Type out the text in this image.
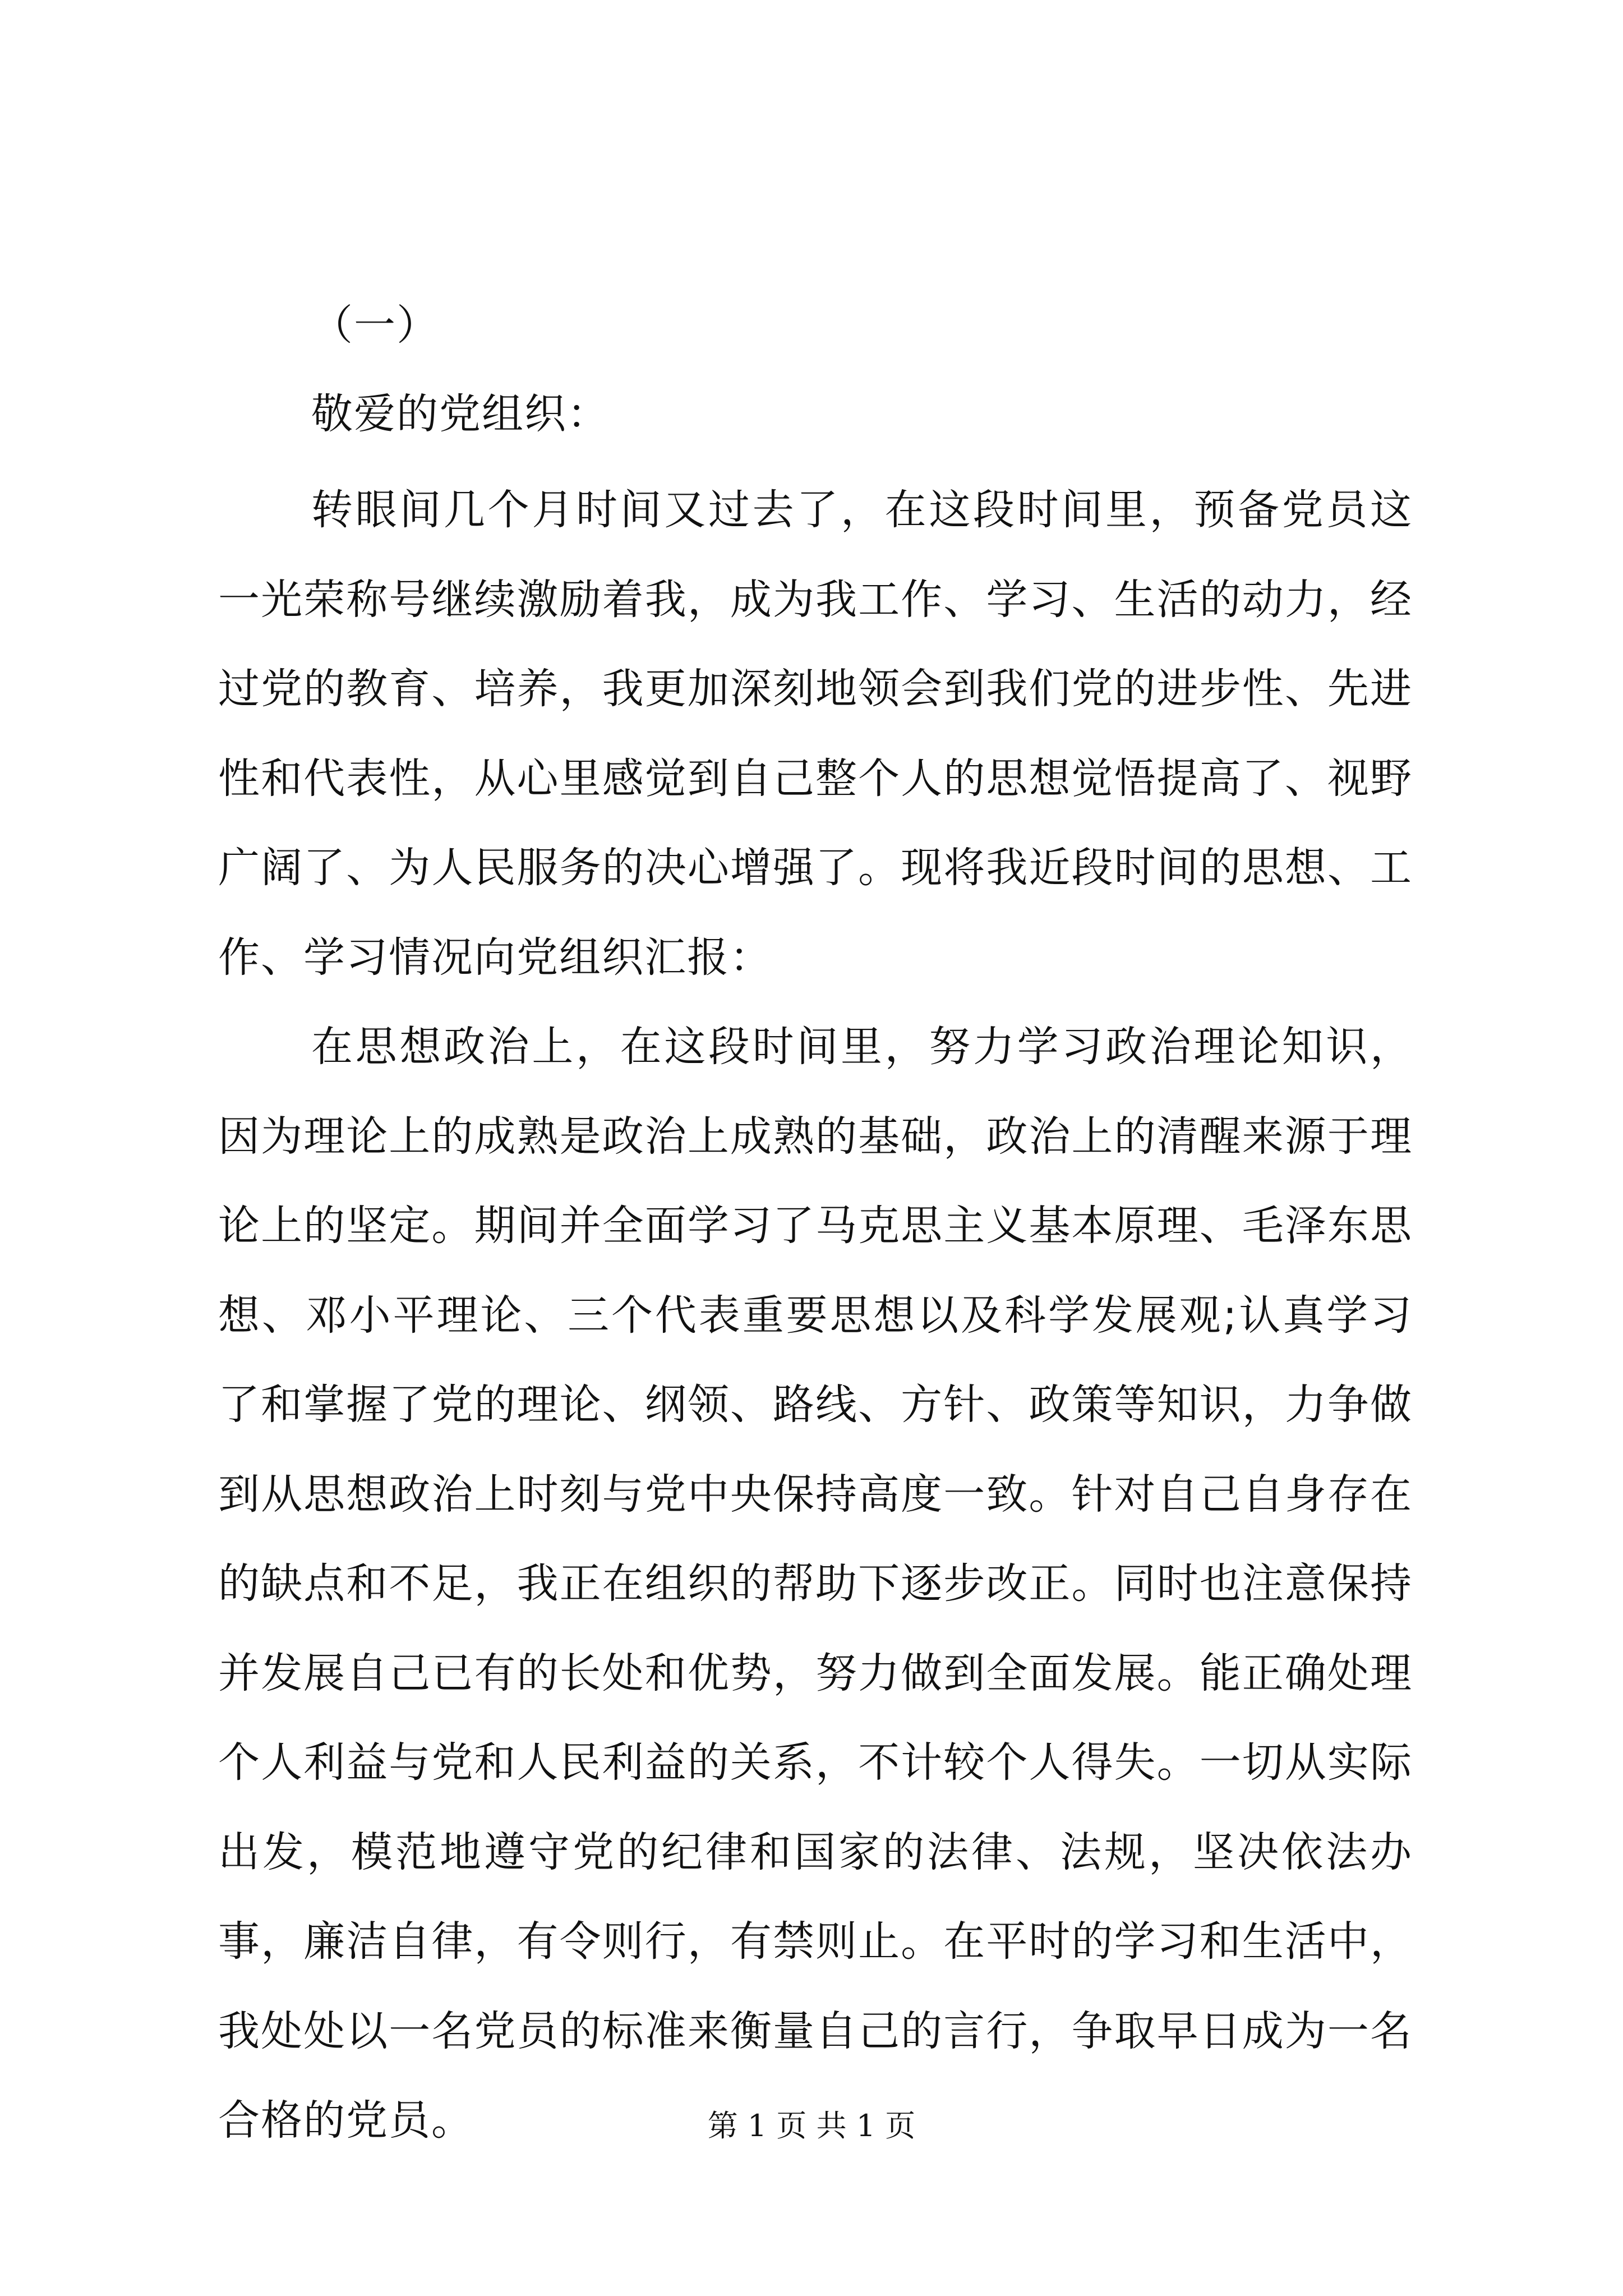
（一）
敬爱的党组织：

转眼间几个月时间又过去了，在这段时间里，预备党员这一光荣称号继续激励着我，成为我工作、学习、生活的动力，经过党的教育、培养，我更加深刻地领会到我们党的进步性、先进性和代表性，从心里感觉到自己整个人的思想觉悟提高了、视野广阔了、为人民服务的决心增强了。现将我近段时间的思想、工作、学习情况向党组织汇报：

在思想政治上，在这段时间里，努力学习政治理论知识，因为理论上的成熟是政治上成熟的基础，政治上的清醒来源于理论上的坚定。期间并全面学习了马克思主义基本原理、毛泽东思想、邓小平理论、三个代表重要思想以及科学发展观;认真学习了和掌握了党的理论、纲领、路线、方针、政策等知识，力争做到从思想政治上时刻与党中央保持高度一致。针对自己自身存在的缺点和不足，我正在组织的帮助下逐步改正。同时也注意保持并发展自己已有的长处和优势，努力做到全面发展。能正确处理个人利益与党和人民利益的关系，不计较个人得失。一切从实际出发，模范地遵守党的纪律和国家的法律、法规，坚决依法办事，廉洁自律，有令则行，有禁则止。在平时的学习和生活中，我处处以一名党员的标准来衡量自己的言行，争取早日成为一名合格的党员。	第 1 页 共 1 页
